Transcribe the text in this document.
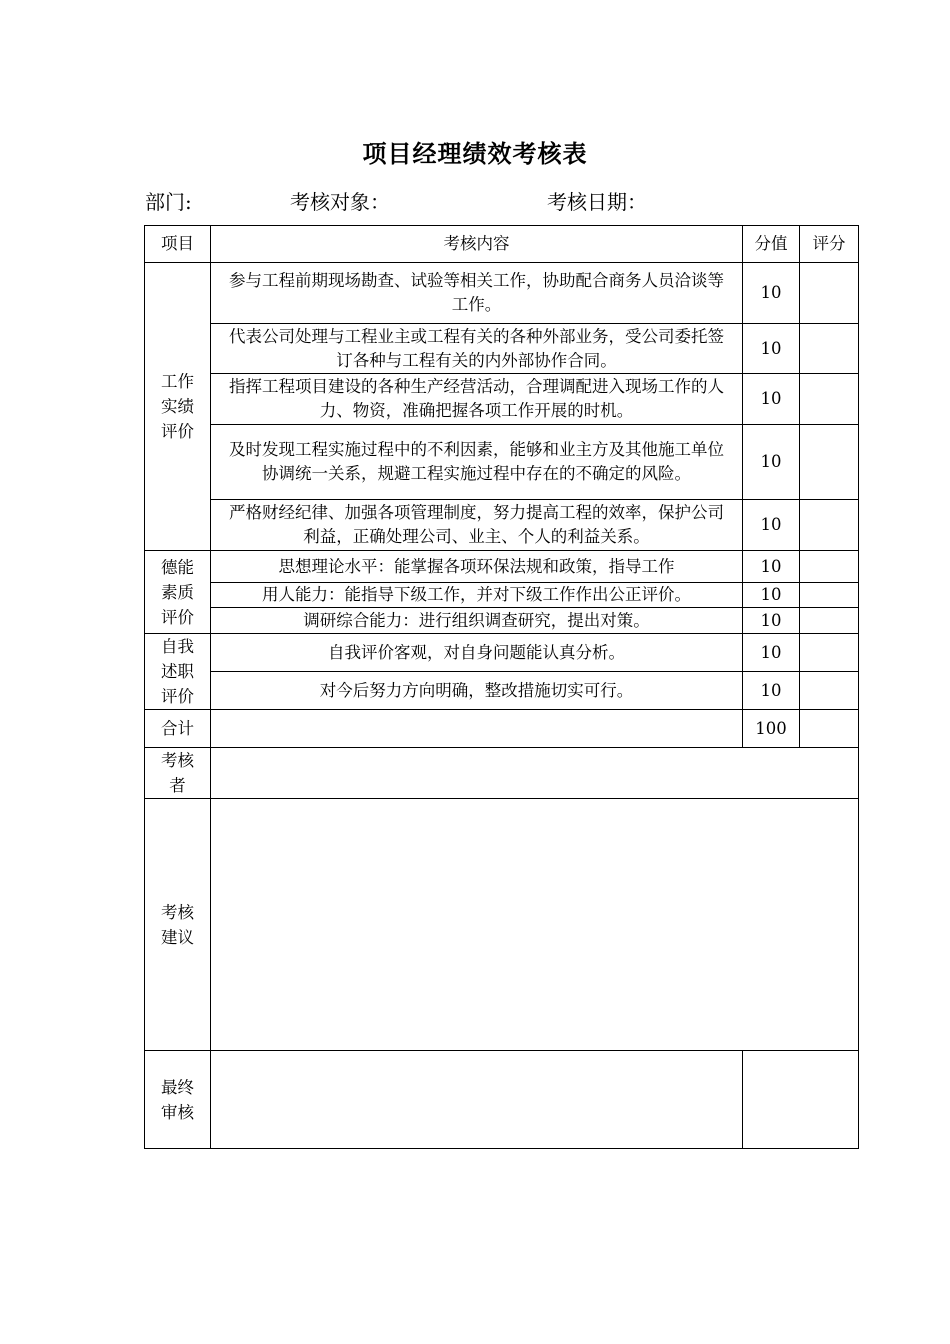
项目经理绩效考核表
部门:	考核对象：	考核日期：
项目	考核内容	分值	评分
工作
实绩
评价	参与工程前期现场勘查、试验等相关工作，协助配合商务人员洽谈等工作。	10	
	代表公司处理与工程业主或工程有关的各种外部业务，受公司委托签订各种与工程有关的内外部协作合同。	10	
	指挥工程项目建设的各种生产经营活动，合理调配进入现场工作的人力、物资，准确把握各项工作开展的时机。	10	
	及时发现工程实施过程中的不利因素，能够和业主方及其他施工单位协调统一关系，规避工程实施过程中存在的不确定的风险。	10	
	严格财经纪律、加强各项管理制度，努力提高工程的效率，保护公司利益，正确处理公司、业主、个人的利益关系。	10	
德能
素质
评价	思想理论水平：能掌握各项环保法规和政策，指导工作	10	
	用人能力：能指导下级工作，并对下级工作作出公正评价。	10	
	调研综合能力：进行组织调查研究，提出对策。	10	
自我
述职
评价	自我评价客观，对自身问题能认真分析。	10	
	对今后努力方向明确，整改措施切实可行。	10	
合计		100	
考核
者			
考核
建议			
最终
审核			
